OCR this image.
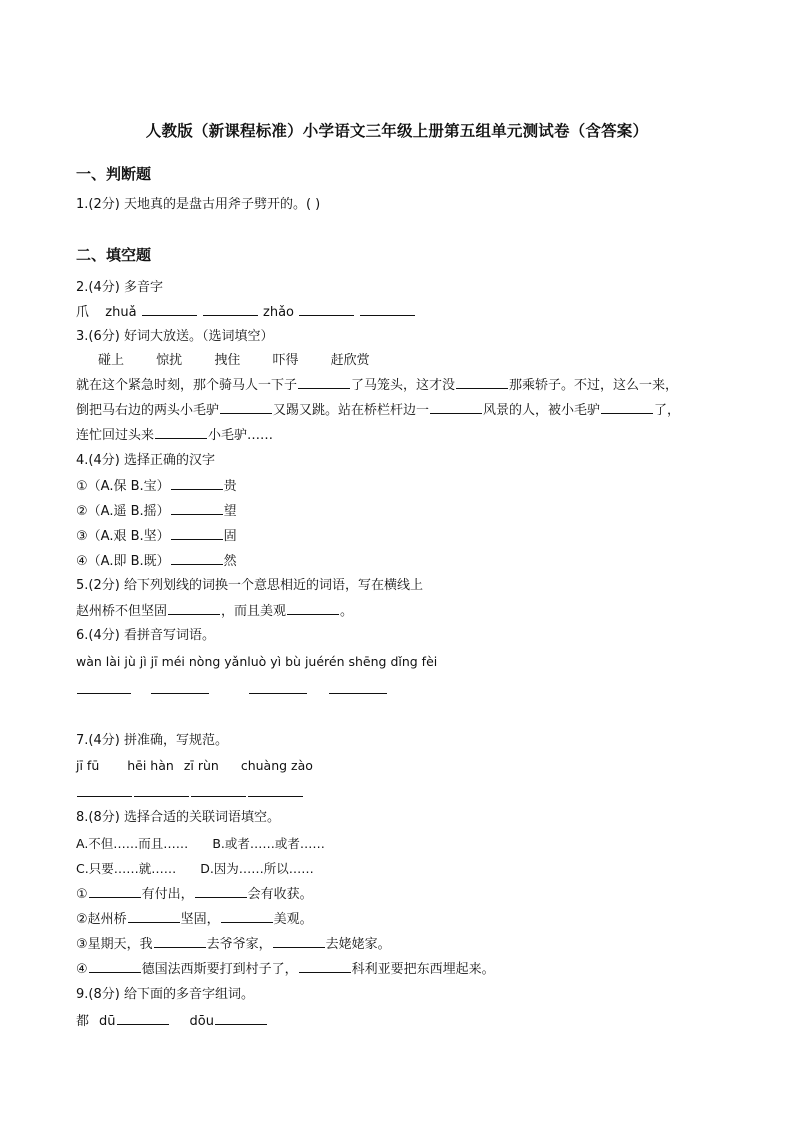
人教版（新课程标准）小学语文三年级上册第五组单元测试卷（含答案）
一、判断题
1.(2分) 天地真的是盘古用斧子劈开的。( )
二、填空题
2.(4分) 多音字
爪 zhuǎ	zhǎo
3.(6分) 好词大放送。（选词填空）
碰上 惊扰 拽住 吓得 赶欣赏
就在这个紧急时刻，那个骑马人一下子	了马笼头，这才没	那乘轿子。不过，这么一来，
倒把马右边的两头小毛驴	又踢又跳。站在桥栏杆边一	风景的人，被小毛驴	了，
连忙回过头来	小毛驴……
4.(4分) 选择正确的汉字
①（A.保 B.宝）	贵
②（A.遥 B.摇）	望
③（A.艰 B.坚）	固
④（A.即 B.既）	然
5.(2分) 给下列划线的词换一个意思相近的词语，写在横线上
赵州桥不但坚固	，而且美观	。
6.(4分) 看拼音写词语。
wàn lài jù jì jī méi nòng yǎnluò yì bù juérén shēng dǐng fèi
7.(4分) 拼准确，写规范。
jī fū hēi hàn zī rùn chuàng zào
8.(8分) 选择合适的关联词语填空。
A.不但……而且…… B.或者……或者……
C.只要……就…… D.因为……所以……
①	有付出，	会有收获。
②赵州桥	坚固，	美观。
③星期天，我	去爷爷家，	去姥姥家。
④	德国法西斯要打到村子了，	科利亚要把东西埋起来。
9.(8分) 给下面的多音字组词。
都 dū	dōu
